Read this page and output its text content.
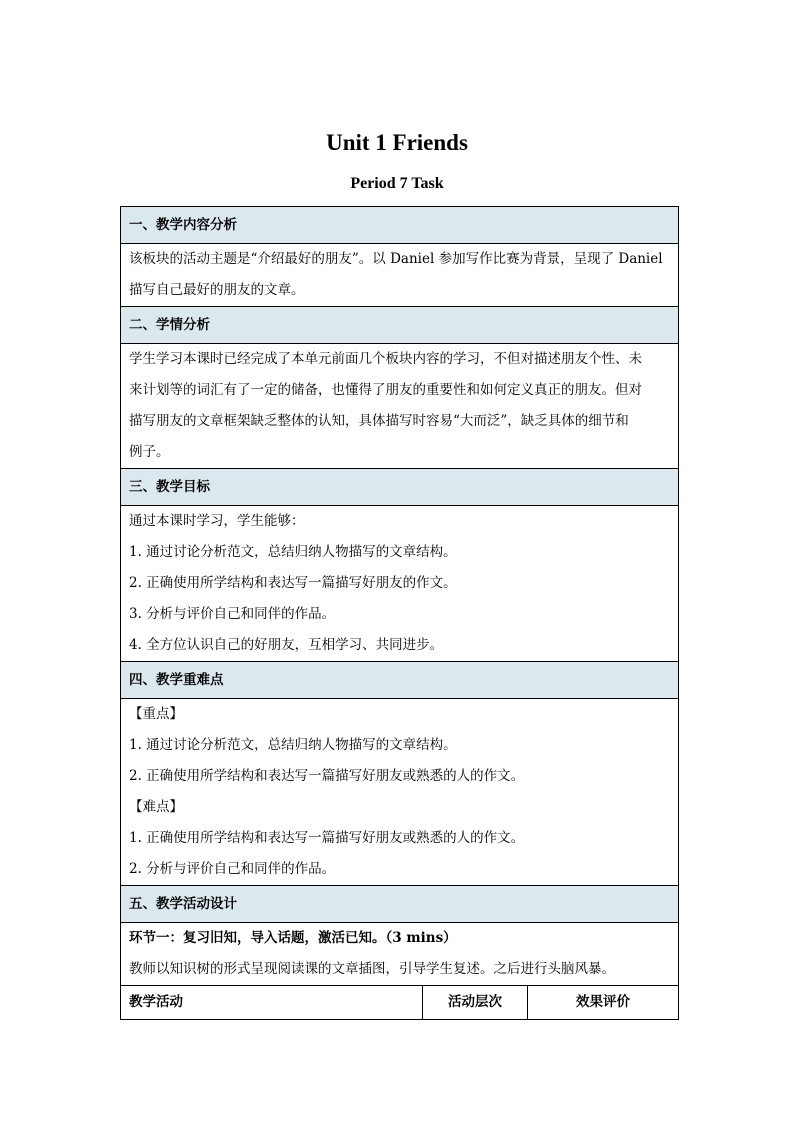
Unit 1 Friends
Period 7 Task
一、教学内容分析

该板块的活动主题是“介绍最好的朋友”。以 Daniel 参加写作比赛为背景，呈现了 Daniel

描写自己最好的朋友的文章。

二、学情分析

学生学习本课时已经完成了本单元前面几个板块内容的学习，不但对描述朋友个性、未

来计划等的词汇有了一定的储备，也懂得了朋友的重要性和如何定义真正的朋友。但对

描写朋友的文章框架缺乏整体的认知，具体描写时容易“大而泛”，缺乏具体的细节和

例子。

三、教学目标

通过本课时学习，学生能够：

1. 通过讨论分析范文，总结归纳人物描写的文章结构。

2. 正确使用所学结构和表达写一篇描写好朋友的作文。

3. 分析与评价自己和同伴的作品。

4. 全方位认识自己的好朋友，互相学习、共同进步。

四、教学重难点

【重点】

1. 通过讨论分析范文，总结归纳人物描写的文章结构。

2. 正确使用所学结构和表达写一篇描写好朋友或熟悉的人的作文。

【难点】

1. 正确使用所学结构和表达写一篇描写好朋友或熟悉的人的作文。

2. 分析与评价自己和同伴的作品。

五、教学活动设计

环节一：复习旧知，导入话题，激活已知。（3 mins）

教师以知识树的形式呈现阅读课的文章插图，引导学生复述。之后进行头脑风暴。

教学活动	活动层次	效果评价
